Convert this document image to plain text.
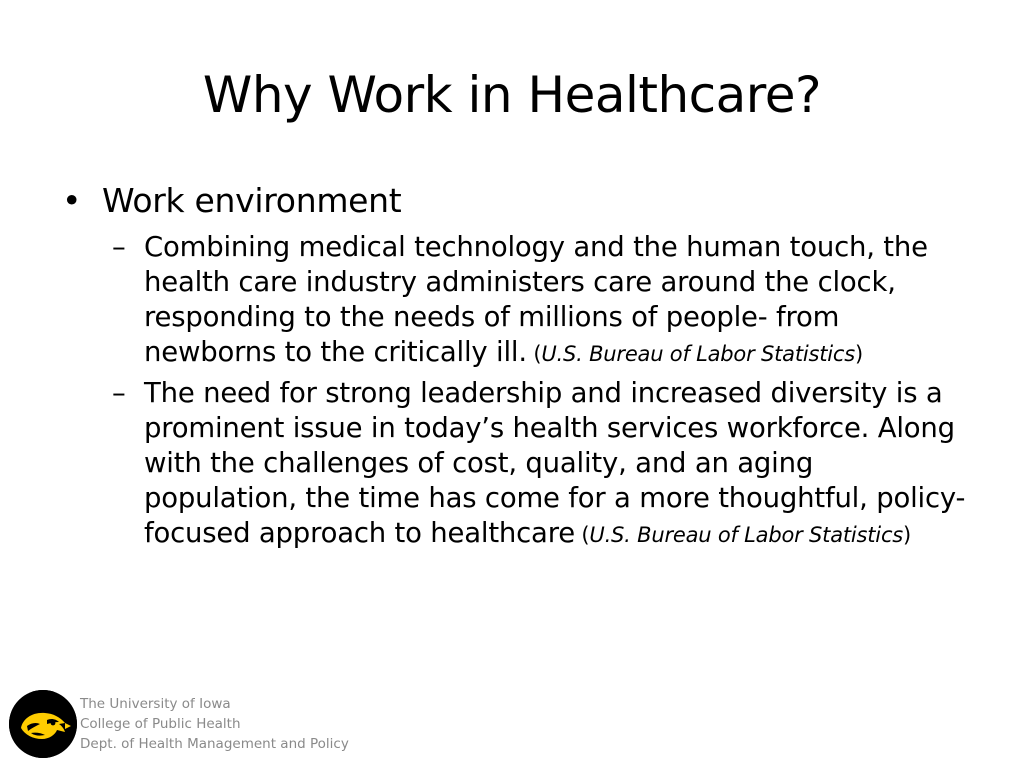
Why Work in Healthcare?
• Work environment
– Combining medical technology and the human touch, the health care industry administers care around the clock, responding to the needs of millions of people- from newborns to the critically ill. (U.S. Bureau of Labor Statistics)
– The need for strong leadership and increased diversity is a prominent issue in today’s health services workforce. Along with the challenges of cost, quality, and an aging population, the time has come for a more thoughtful, policy-focused approach to healthcare (U.S. Bureau of Labor Statistics)
The University of Iowa
College of Public Health
Dept. of Health Management and Policy
